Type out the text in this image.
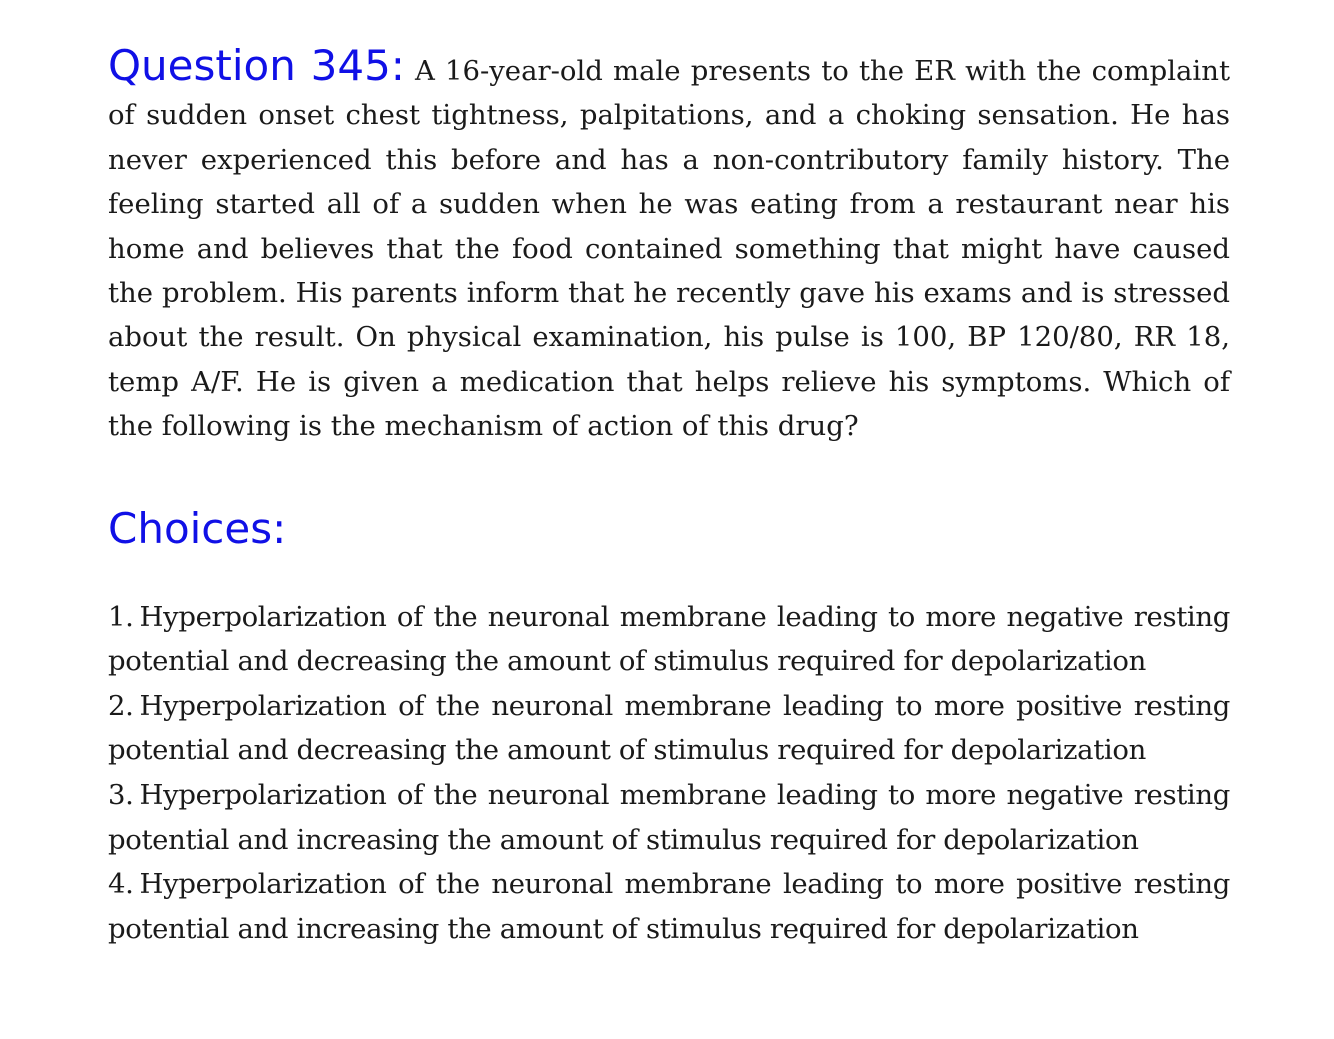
Question 345: A 16-year-old male presents to the ER with the complaint of sudden onset chest tightness, palpitations, and a choking sensation. He has never experienced this before and has a non-contributory family history. The feeling started all of a sudden when he was eating from a restaurant near his home and believes that the food contained something that might have caused the problem. His parents inform that he recently gave his exams and is stressed about the result. On physical examination, his pulse is 100, BP 120/80, RR 18, temp A/F. He is given a medication that helps relieve his symptoms. Which of the following is the mechanism of action of this drug?

Choices:
1. Hyperpolarization of the neuronal membrane leading to more negative resting potential and decreasing the amount of stimulus required for depolarization
2. Hyperpolarization of the neuronal membrane leading to more positive resting potential and decreasing the amount of stimulus required for depolarization
3. Hyperpolarization of the neuronal membrane leading to more negative resting potential and increasing the amount of stimulus required for depolarization
4. Hyperpolarization of the neuronal membrane leading to more positive resting potential and increasing the amount of stimulus required for depolarization
